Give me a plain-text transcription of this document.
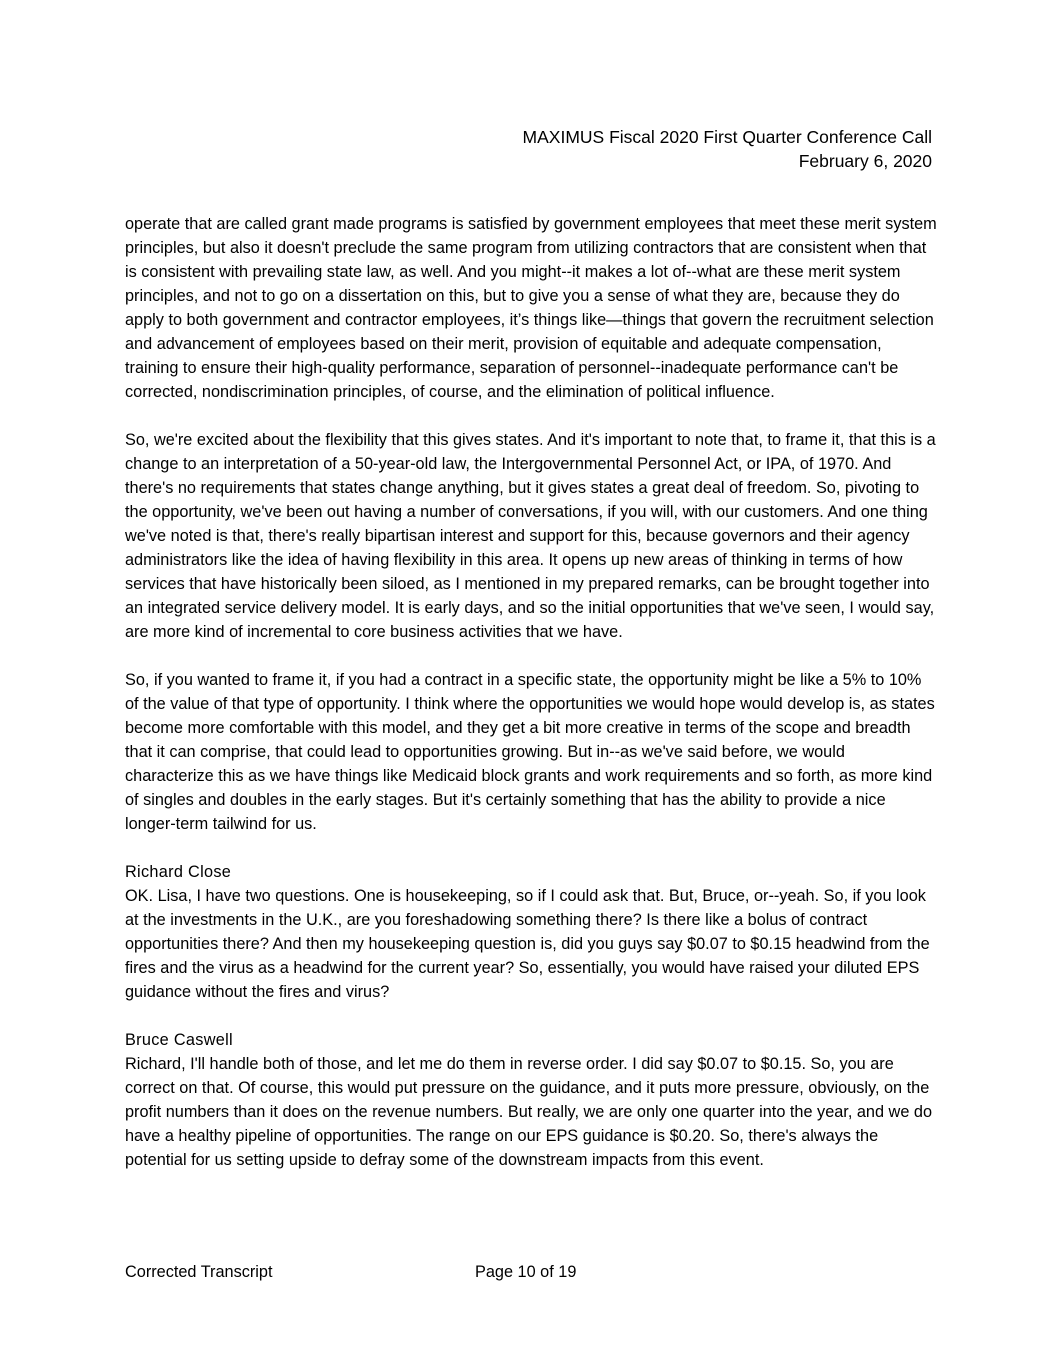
MAXIMUS Fiscal 2020 First Quarter Conference Call
February 6, 2020

operate that are called grant made programs is satisfied by government employees that meet these merit system principles, but also it doesn't preclude the same program from utilizing contractors that are consistent when that is consistent with prevailing state law, as well. And you might--it makes a lot of--what are these merit system principles, and not to go on a dissertation on this, but to give you a sense of what they are, because they do apply to both government and contractor employees, it’s things like—things that govern the recruitment selection and advancement of employees based on their merit, provision of equitable and adequate compensation, training to ensure their high-quality performance, separation of personnel--inadequate performance can't be corrected, nondiscrimination principles, of course, and the elimination of political influence.

So, we're excited about the flexibility that this gives states. And it's important to note that, to frame it, that this is a change to an interpretation of a 50-year-old law, the Intergovernmental Personnel Act, or IPA, of 1970. And there's no requirements that states change anything, but it gives states a great deal of freedom. So, pivoting to the opportunity, we've been out having a number of conversations, if you will, with our customers. And one thing we've noted is that, there's really bipartisan interest and support for this, because governors and their agency administrators like the idea of having flexibility in this area. It opens up new areas of thinking in terms of how services that have historically been siloed, as I mentioned in my prepared remarks, can be brought together into an integrated service delivery model. It is early days, and so the initial opportunities that we've seen, I would say, are more kind of incremental to core business activities that we have.

So, if you wanted to frame it, if you had a contract in a specific state, the opportunity might be like a 5% to 10% of the value of that type of opportunity. I think where the opportunities we would hope would develop is, as states become more comfortable with this model, and they get a bit more creative in terms of the scope and breadth that it can comprise, that could lead to opportunities growing. But in--as we've said before, we would characterize this as we have things like Medicaid block grants and work requirements and so forth, as more kind of singles and doubles in the early stages. But it's certainly something that has the ability to provide a nice longer-term tailwind for us.

Richard Close

OK. Lisa, I have two questions. One is housekeeping, so if I could ask that. But, Bruce, or--yeah. So, if you look at the investments in the U.K., are you foreshadowing something there? Is there like a bolus of contract opportunities there? And then my housekeeping question is, did you guys say $0.07 to $0.15 headwind from the fires and the virus as a headwind for the current year? So, essentially, you would have raised your diluted EPS guidance without the fires and virus?

Bruce Caswell

Richard, I'll handle both of those, and let me do them in reverse order. I did say $0.07 to $0.15. So, you are correct on that. Of course, this would put pressure on the guidance, and it puts more pressure, obviously, on the profit numbers than it does on the revenue numbers. But really, we are only one quarter into the year, and we do have a healthy pipeline of opportunities. The range on our EPS guidance is $0.20. So, there's always the potential for us setting upside to defray some of the downstream impacts from this event.

Corrected Transcript	Page 10 of 19
